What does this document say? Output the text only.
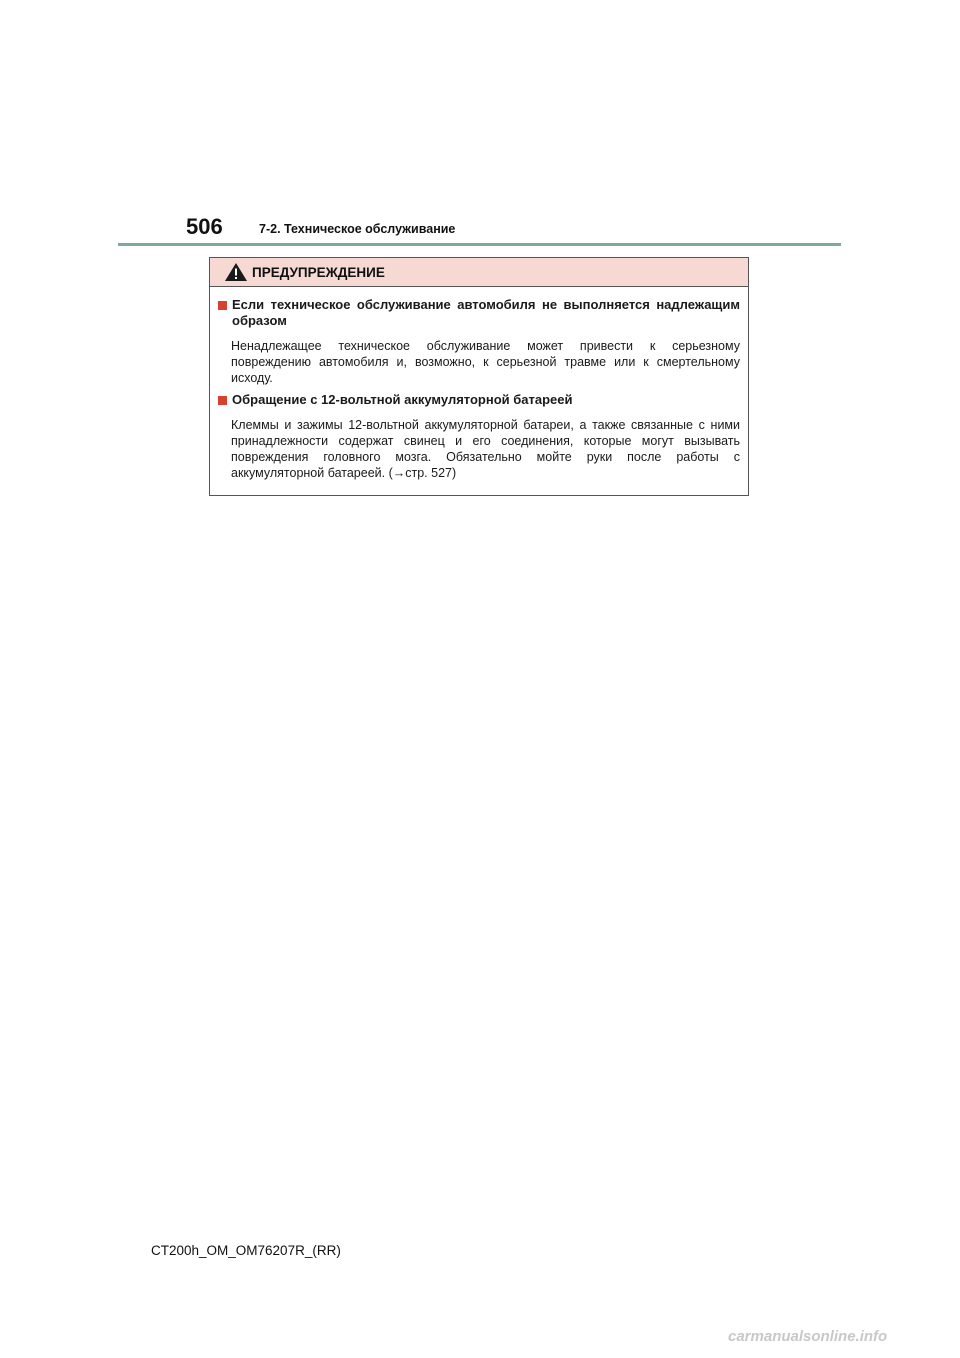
506	7-2. Техническое обслуживание
ПРЕДУПРЕЖДЕНИЕ
Если техническое обслуживание автомобиля не выполняется надлежащим образом
Ненадлежащее техническое обслуживание может привести к серьезному повреждению автомобиля и, возможно, к серьезной травме или к смертельному исходу.
Обращение с 12-вольтной аккумуляторной батареей
Клеммы и зажимы 12-вольтной аккумуляторной батареи, а также связанные с ними принадлежности содержат свинец и его соединения, которые могут вызывать повреждения головного мозга. Обязательно мойте руки после работы с аккумуляторной батареей. (→стр. 527)
CT200h_OM_OM76207R_(RR)
carmanualsonline.info
